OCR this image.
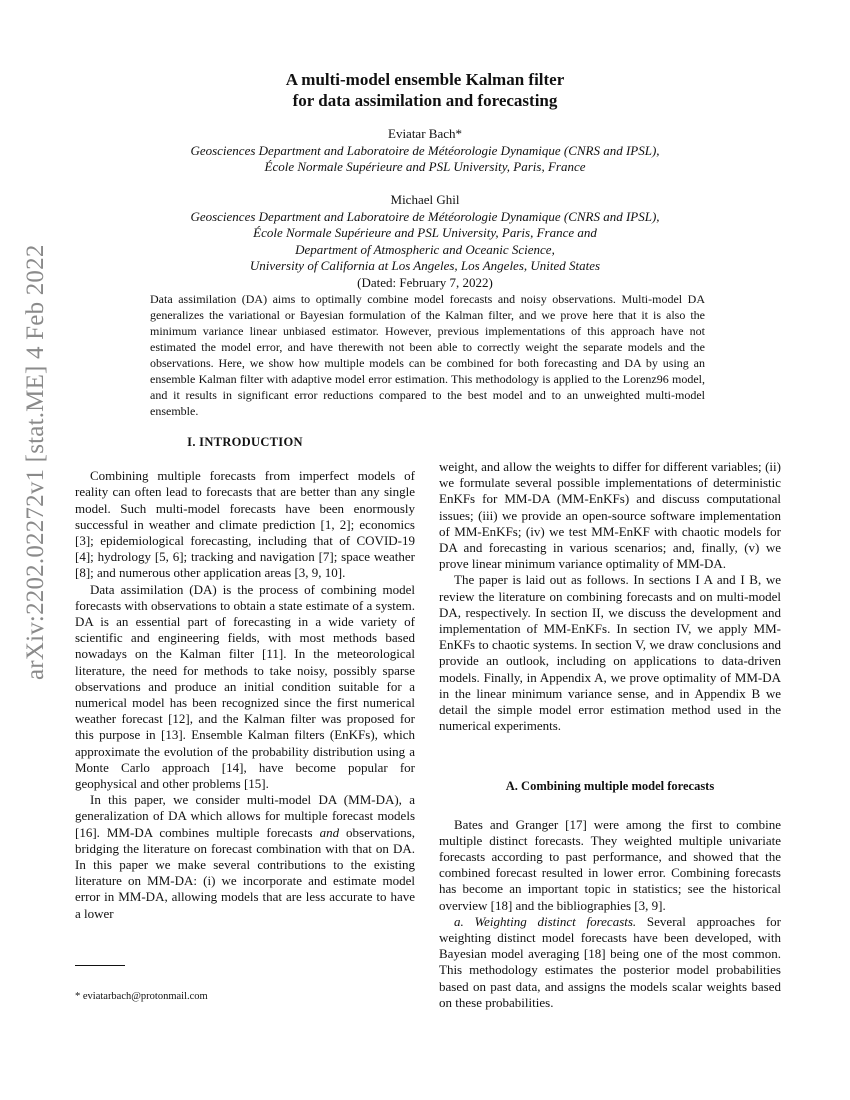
arXiv:2202.02272v1 [stat.ME] 4 Feb 2022
A multi-model ensemble Kalman filter
for data assimilation and forecasting
Eviatar Bach*
Geosciences Department and Laboratoire de Météorologie Dynamique (CNRS and IPSL),
École Normale Supérieure and PSL University, Paris, France
Michael Ghil
Geosciences Department and Laboratoire de Météorologie Dynamique (CNRS and IPSL),
École Normale Supérieure and PSL University, Paris, France and
Department of Atmospheric and Oceanic Science,
University of California at Los Angeles, Los Angeles, United States
(Dated: February 7, 2022)
Data assimilation (DA) aims to optimally combine model forecasts and noisy observations. Multi-model DA generalizes the variational or Bayesian formulation of the Kalman filter, and we prove here that it is also the minimum variance linear unbiased estimator. However, previous implementations of this approach have not estimated the model error, and have therewith not been able to correctly weight the separate models and the observations. Here, we show how multiple models can be combined for both forecasting and DA by using an ensemble Kalman filter with adaptive model error estimation. This methodology is applied to the Lorenz96 model, and it results in significant error reductions compared to the best model and to an unweighted multi-model ensemble.
I. INTRODUCTION

Combining multiple forecasts from imperfect models of reality can often lead to forecasts that are better than any single model. Such multi-model forecasts have been enormously successful in weather and climate prediction [1, 2]; economics [3]; epidemiological forecasting, including that of COVID-19 [4]; hydrology [5, 6]; tracking and navigation [7]; space weather [8]; and numerous other application areas [3, 9, 10].

Data assimilation (DA) is the process of combining model forecasts with observations to obtain a state estimate of a system. DA is an essential part of forecasting in a wide variety of scientific and engineering fields, with most methods based nowadays on the Kalman filter [11]. In the meteorological literature, the need for methods to take noisy, possibly sparse observations and produce an initial condition suitable for a numerical model has been recognized since the first numerical weather forecast [12], and the Kalman filter was proposed for this purpose in [13]. Ensemble Kalman filters (EnKFs), which approximate the evolution of the probability distribution using a Monte Carlo approach [14], have become popular for geophysical and other problems [15].

In this paper, we consider multi-model DA (MM-DA), a generalization of DA which allows for multiple forecast models [16]. MM-DA combines multiple forecasts and observations, bridging the literature on forecast combination with that on DA. In this paper we make several contributions to the existing literature on MM-DA: (i) we incorporate and estimate model error in MM-DA, allowing models that are less accurate to have a lower

weight, and allow the weights to differ for different variables; (ii) we formulate several possible implementations of deterministic EnKFs for MM-DA (MM-EnKFs) and discuss computational issues; (iii) we provide an open-source software implementation of MM-EnKFs; (iv) we test MM-EnKF with chaotic models for DA and forecasting in various scenarios; and, finally, (v) we prove linear minimum variance optimality of MM-DA.

The paper is laid out as follows. In sections I A and I B, we review the literature on combining forecasts and on multi-model DA, respectively. In section II, we discuss the development and implementation of MM-EnKFs. In section IV, we apply MM-EnKFs to chaotic systems. In section V, we draw conclusions and provide an outlook, including on applications to data-driven models. Finally, in Appendix A, we prove optimality of MM-DA in the linear minimum variance sense, and in Appendix B we detail the simple model error estimation method used in the numerical experiments.

A. Combining multiple model forecasts

Bates and Granger [17] were among the first to combine multiple distinct forecasts. They weighted multiple univariate forecasts according to past performance, and showed that the combined forecast resulted in lower error. Combining forecasts has become an important topic in statistics; see the historical overview [18] and the bibliographies [3, 9].

a. Weighting distinct forecasts. Several approaches for weighting distinct model forecasts have been developed, with Bayesian model averaging [18] being one of the most common. This methodology estimates the posterior model probabilities based on past data, and assigns the models scalar weights based on these probabilities.

* eviatarbach@protonmail.com
